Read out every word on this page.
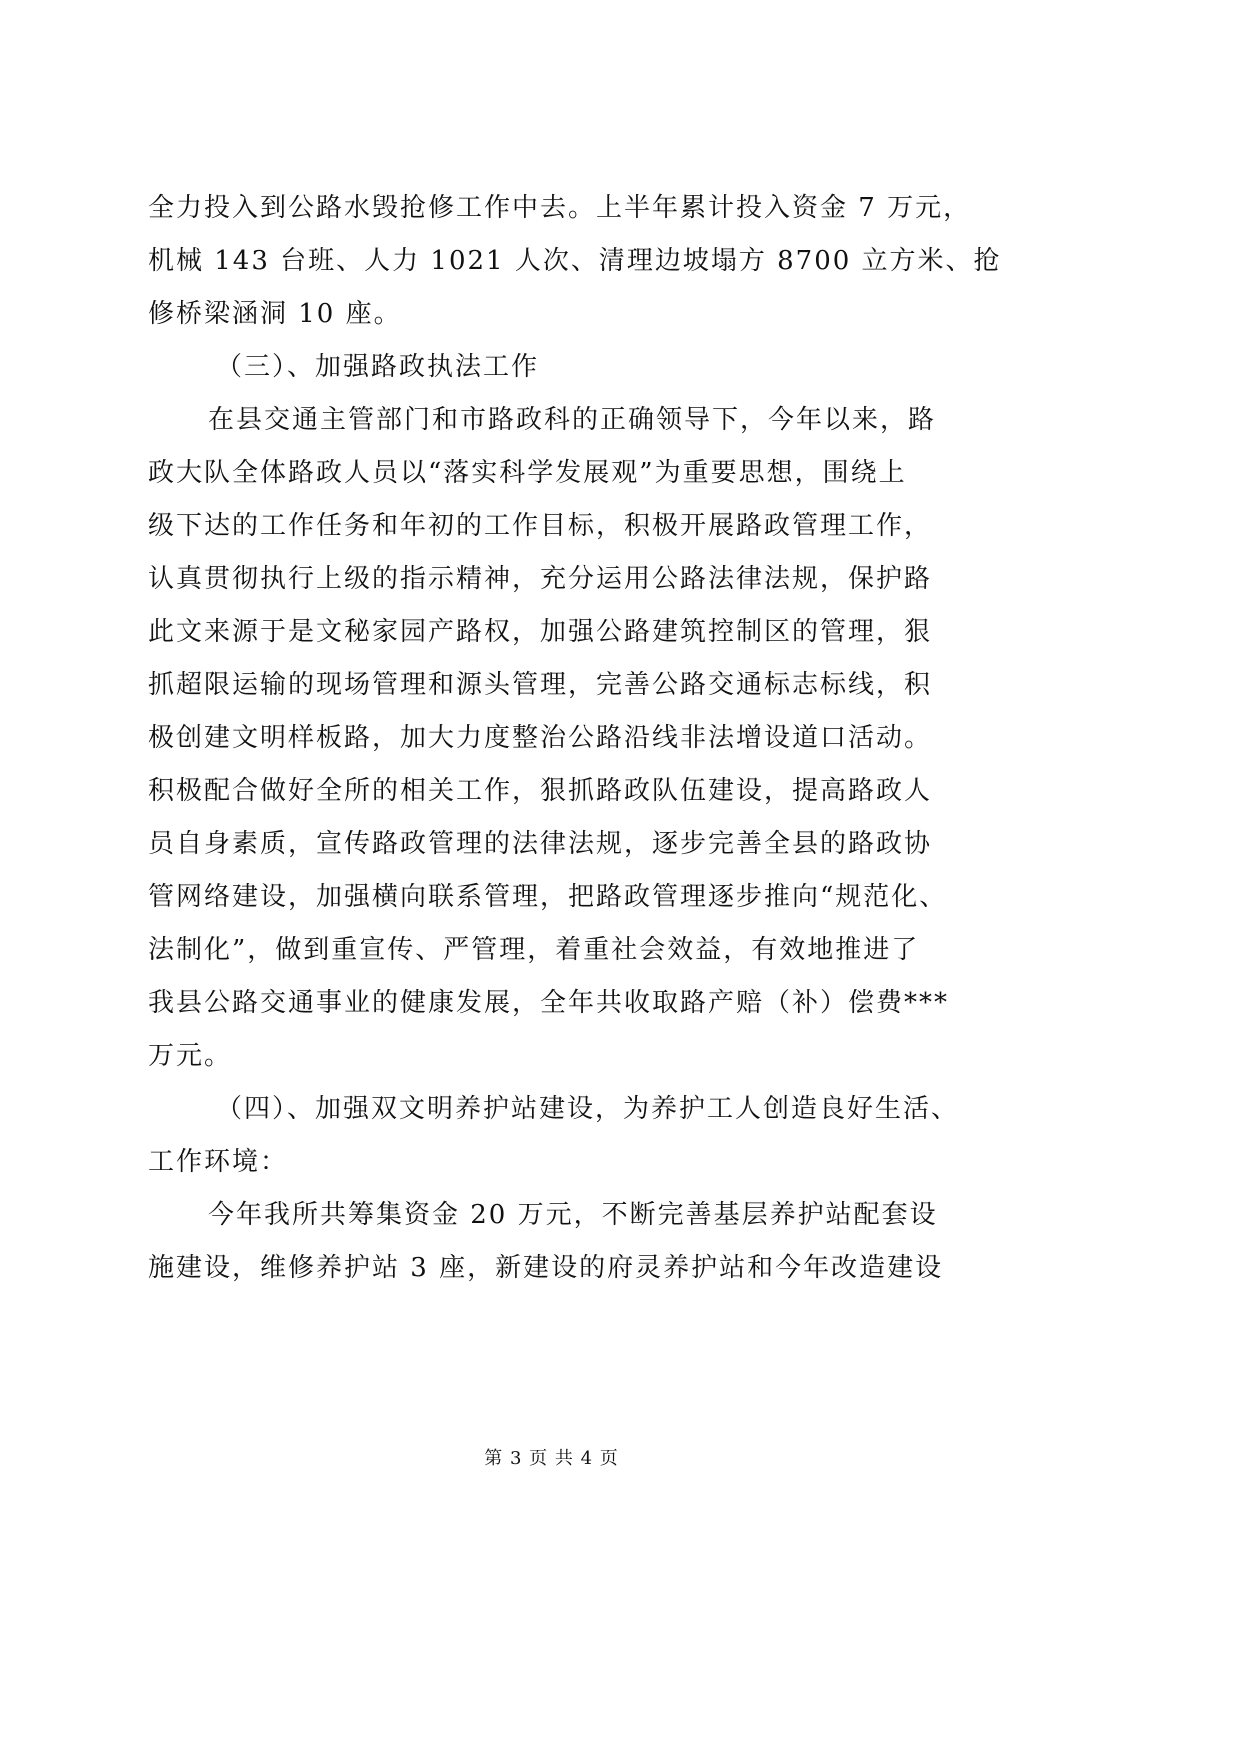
全力投入到公路水毁抢修工作中去。上半年累计投入资金 7 万元，
机械 143 台班、人力 1021 人次、清理边坡塌方 8700 立方米、抢
修桥梁涵洞 10 座。
（三）、加强路政执法工作
在县交通主管部门和市路政科的正确领导下，今年以来，路
政大队全体路政人员以“落实科学发展观”为重要思想，围绕上
级下达的工作任务和年初的工作目标，积极开展路政管理工作，
认真贯彻执行上级的指示精神，充分运用公路法律法规，保护路
此文来源于是文秘家园产路权，加强公路建筑控制区的管理，狠
抓超限运输的现场管理和源头管理，完善公路交通标志标线，积
极创建文明样板路，加大力度整治公路沿线非法增设道口活动。
积极配合做好全所的相关工作，狠抓路政队伍建设，提高路政人
员自身素质，宣传路政管理的法律法规，逐步完善全县的路政协
管网络建设，加强横向联系管理，把路政管理逐步推向“规范化、
法制化”，做到重宣传、严管理，着重社会效益，有效地推进了
我县公路交通事业的健康发展，全年共收取路产赔（补）偿费***
万元。
（四）、加强双文明养护站建设，为养护工人创造良好生活、
工作环境：
今年我所共筹集资金 20 万元，不断完善基层养护站配套设
施建设，维修养护站 3 座，新建设的府灵养护站和今年改造建设
第 3 页 共 4 页
